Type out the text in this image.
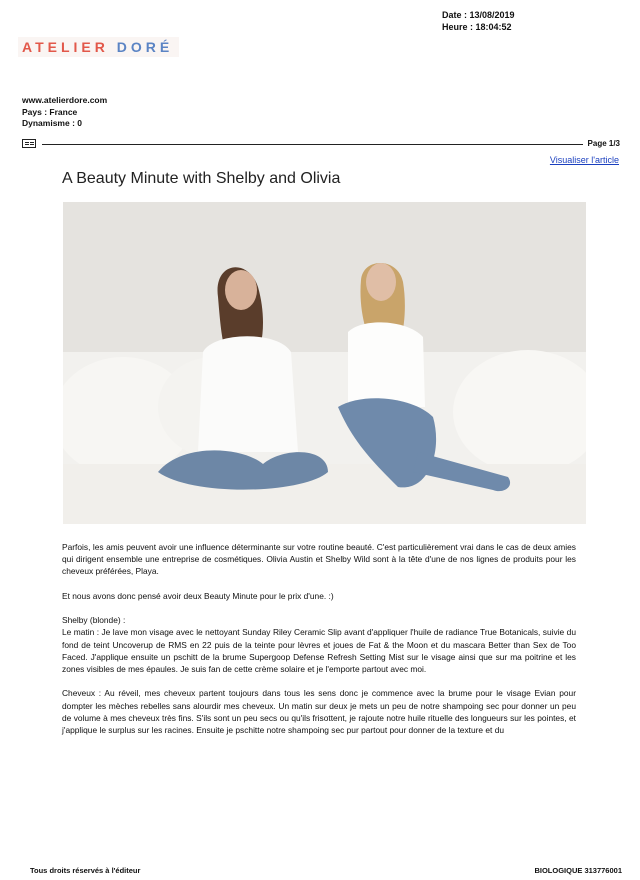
Date : 13/08/2019
Heure : 18:04:52
ATELIER DORÉ
www.atelierdore.com
Pays : France
Dynamisme : 0
Page 1/3
Visualiser l'article
A Beauty Minute with Shelby and Olivia

Parfois, les amis peuvent avoir une influence déterminante sur votre routine beauté. C'est particulièrement vrai dans le cas de deux amies qui dirigent ensemble une entreprise de cosmétiques. Olivia Austin et Shelby Wild sont à la tête d'une de nos lignes de produits pour les cheveux préférées, Playa.

Et nous avons donc pensé avoir deux Beauty Minute pour le prix d'une. :)

Shelby (blonde) :

Le matin : Je lave mon visage avec le nettoyant Sunday Riley Ceramic Slip avant d'appliquer l'huile de radiance True Botanicals, suivie du fond de teint Uncoverup de RMS en 22 puis de la teinte pour lèvres et joues de Fat & the Moon et du mascara Better than Sex de Too Faced. J'applique ensuite un pschitt de la brume Supergoop Defense Refresh Setting Mist sur le visage ainsi que sur ma poitrine et les zones visibles de mes épaules. Je suis fan de cette crème solaire et je l'emporte partout avec moi.

Cheveux : Au réveil, mes cheveux partent toujours dans tous les sens donc je commence avec la brume pour le visage Evian pour dompter les mèches rebelles sans alourdir mes cheveux. Un matin sur deux je mets un peu de notre shampoing sec pour donner un peu de volume à mes cheveux très fins. S'ils sont un peu secs ou qu'ils frisottent, je rajoute notre huile rituelle des longueurs sur les pointes, et j'applique le surplus sur les racines. Ensuite je pschitte notre shampoing sec pur partout pour donner de la texture et du

Tous droits réservés à l'éditeur	BIOLOGIQUE 313776001
